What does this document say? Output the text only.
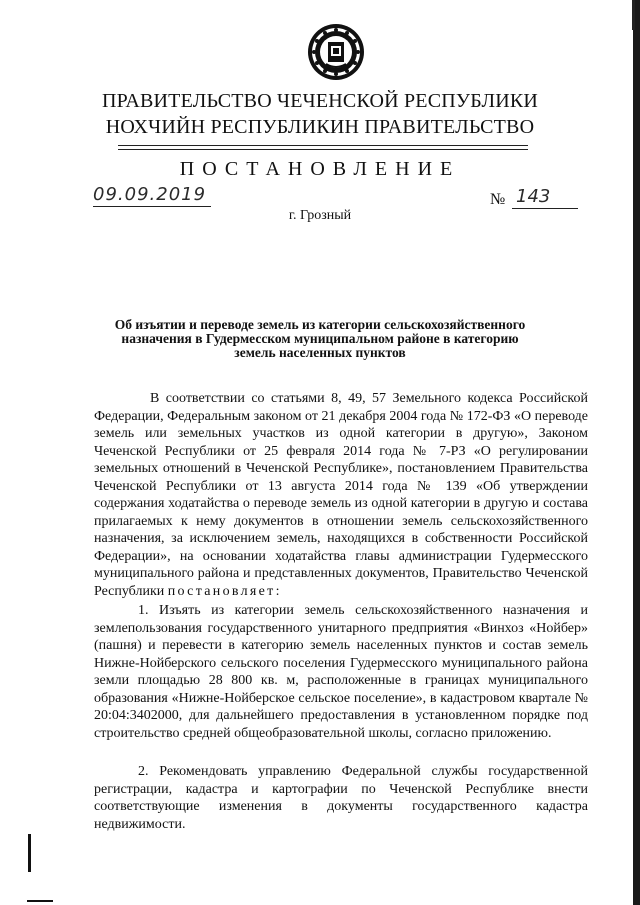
ПРАВИТЕЛЬСТВО ЧЕЧЕНСКОЙ РЕСПУБЛИКИ
НОХЧИЙН РЕСПУБЛИКИН ПРАВИТЕЛЬСТВО
ПОСТАНОВЛЕНИЕ
09.09.2019	№ 143
г. Грозный
Об изъятии и переводе земель из категории сельскохозяйственного назначения в Гудермесском муниципальном районе в категорию земель населенных пунктов
В соответствии со статьями 8, 49, 57 Земельного кодекса Российской Федерации, Федеральным законом от 21 декабря 2004 года № 172-ФЗ «О переводе земель или земельных участков из одной категории в другую», Законом Чеченской Республики от 25 февраля 2014 года № 7-РЗ «О регулировании земельных отношений в Чеченской Республике», постановлением Правительства Чеченской Республики от 13 августа 2014 года № 139 «Об утверждении содержания ходатайства о переводе земель из одной категории в другую и состава прилагаемых к нему документов в отношении земель сельскохозяйственного назначения, за исключением земель, находящихся в собственности Российской Федерации», на основании ходатайства главы администрации Гудермесского муниципального района и представленных документов, Правительство Чеченской Республики постановляет:
1. Изъять из категории земель сельскохозяйственного назначения и землепользования государственного унитарного предприятия «Винхоз «Нойбер» (пашня) и перевести в категорию земель населенных пунктов и состав земель Нижне-Нойберского сельского поселения Гудермесского муниципального района земли площадью 28 800 кв. м, расположенные в границах муниципального образования «Нижне-Нойберское сельское поселение», в кадастровом квартале № 20:04:3402000, для дальнейшего предоставления в установленном порядке под строительство средней общеобразовательной школы, согласно приложению.
2. Рекомендовать управлению Федеральной службы государственной регистрации, кадастра и картографии по Чеченской Республике внести соответствующие изменения в документы государственного кадастра недвижимости.
